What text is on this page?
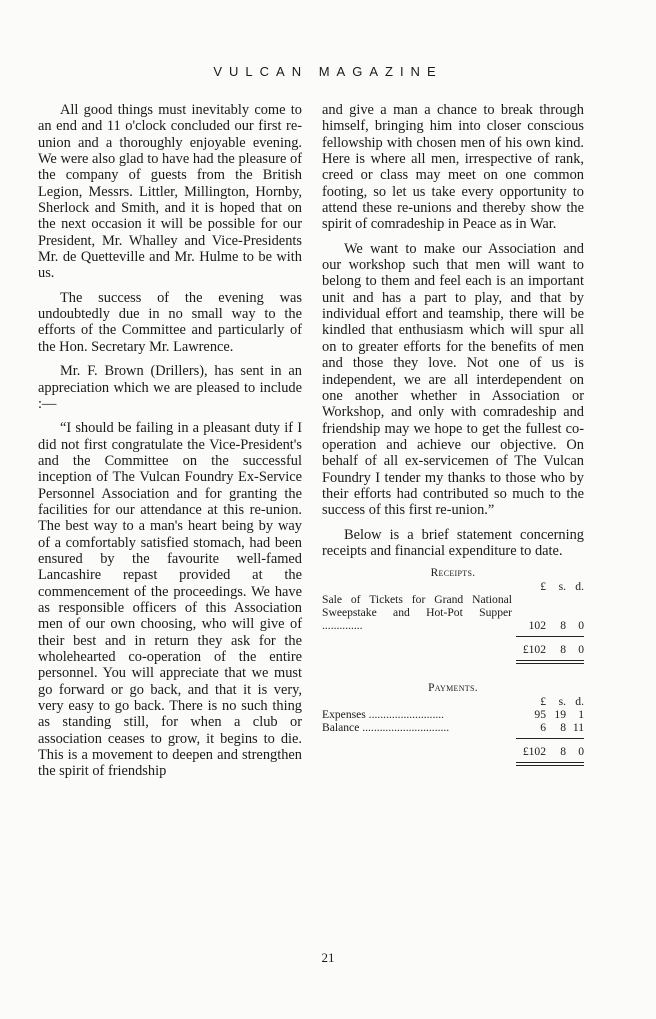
VULCAN MAGAZINE

All good things must inevitably come to an end and 11 o'clock concluded our first re-union and a thoroughly enjoyable evening. We were also glad to have had the pleasure of the company of guests from the British Legion, Messrs. Littler, Millington, Hornby, Sherlock and Smith, and it is hoped that on the next occasion it will be possible for our President, Mr. Whalley and Vice-Presidents Mr. de Quetteville and Mr. Hulme to be with us.

The success of the evening was undoubtedly due in no small way to the efforts of the Committee and particularly of the Hon. Secretary Mr. Lawrence.

Mr. F. Brown (Drillers), has sent in an appreciation which we are pleased to include :—

“I should be failing in a pleasant duty if I did not first congratulate the Vice-President's and the Committee on the successful inception of The Vulcan Foundry Ex-Service Personnel Association and for granting the facilities for our attendance at this re-union. The best way to a man's heart being by way of a comfortably satisfied stomach, had been ensured by the favourite well-famed Lancashire repast provided at the commencement of the proceedings. We have as responsible officers of this Association men of our own choosing, who will give of their best and in return they ask for the wholehearted co-operation of the entire personnel. You will appreciate that we must go forward or go back, and that it is very, very easy to go back. There is no such thing as standing still, for when a club or association ceases to grow, it begins to die. This is a movement to deepen and strengthen the spirit of friendship

and give a man a chance to break through himself, bringing him into closer conscious fellowship with chosen men of his own kind. Here is where all men, irrespective of rank, creed or class may meet on one common footing, so let us take every opportunity to attend these re-unions and thereby show the spirit of comradeship in Peace as in War.

We want to make our Association and our workshop such that men will want to belong to them and feel each is an important unit and has a part to play, and that by individual effort and teamship, there will be kindled that enthusiasm which will spur all on to greater efforts for the benefits of men and those they love. Not one of us is independent, we are all interdependent on one another whether in Association or Workshop, and only with comradeship and friendship may we hope to get the fullest co-operation and achieve our objective. On behalf of all ex-servicemen of The Vulcan Foundry I tender my thanks to those who by their efforts had contributed so much to the success of this first re-union.”

Below is a brief statement concerning receipts and financial expenditure to date.

Receipts.
£	s. d.
Sale of Tickets for Grand National Sweepstake and Hot-Pot Supper ..............	102	8	0
£102	8	0
Payments.
£	s. d.
Expenses ..........................	95 19	1
Balance ..............................	6	8 11
£102	8	0
21
